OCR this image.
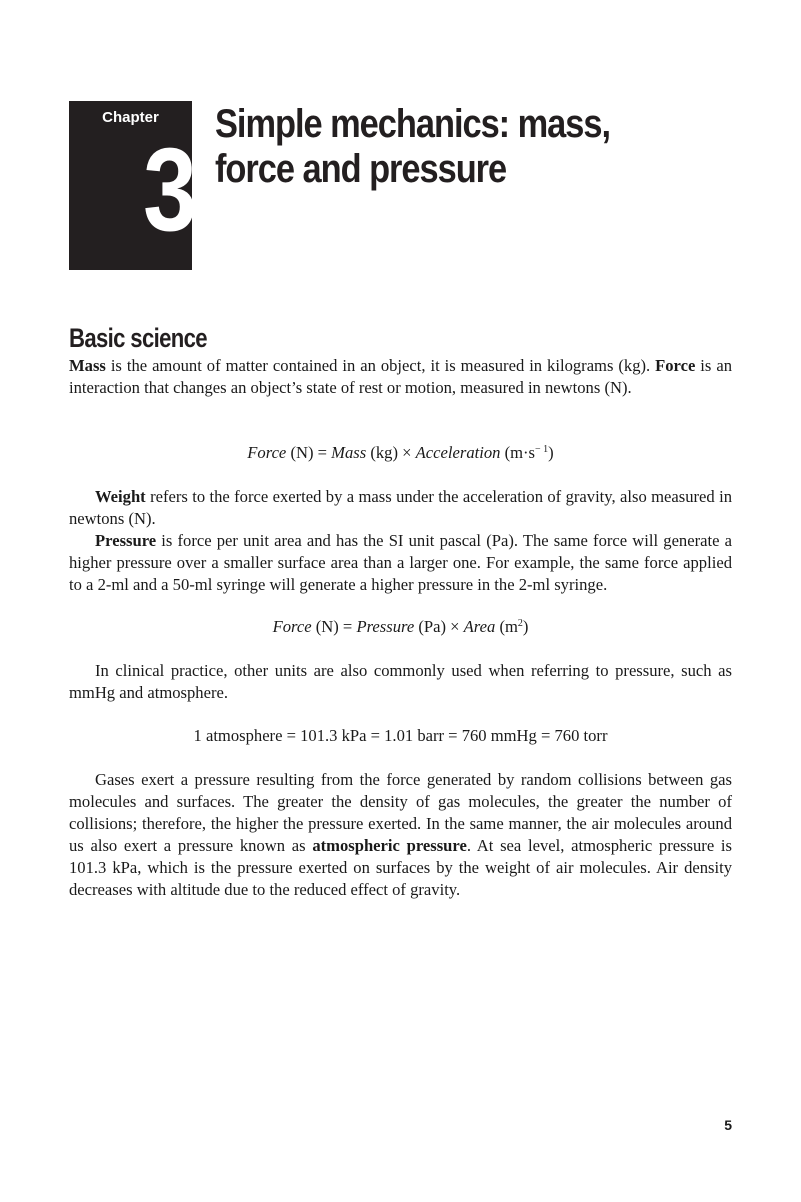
Chapter
3 Simple mechanics: mass,
force and pressure
Basic science

Mass is the amount of matter contained in an object, it is measured in kilograms (kg). Force is an interaction that changes an object’s state of rest or motion, measured in newtons (N).

Force (N) = Mass (kg) × Acceleration $(m\cdot s^{- 1})$

Weight refers to the force exerted by a mass under the acceleration of gravity, also measured in newtons (N).

Pressure is force per unit area and has the SI unit pascal (Pa). The same force will generate a higher pressure over a smaller surface area than a larger one. For example, the same force applied to a 2-ml and a 50-ml syringe will generate a higher pressure in the 2-ml syringe.

Force (N) = Pressure (Pa) × Area $(m^2)$

In clinical practice, other units are also commonly used when referring to pressure, such as mmHg and atmosphere.

1 atmosphere = 101.3 kPa = 1.01 barr = 760 mmHg = 760 torr

Gases exert a pressure resulting from the force generated by random collisions between gas molecules and surfaces. The greater the density of gas molecules, the greater the number of collisions; therefore, the higher the pressure exerted. In the same manner, the air molecules around us also exert a pressure known as atmospheric pressure. At sea level, atmospheric pressure is 101.3 kPa, which is the pressure exerted on surfaces by the weight of air molecules. Air density decreases with altitude due to the reduced effect of gravity.

5
